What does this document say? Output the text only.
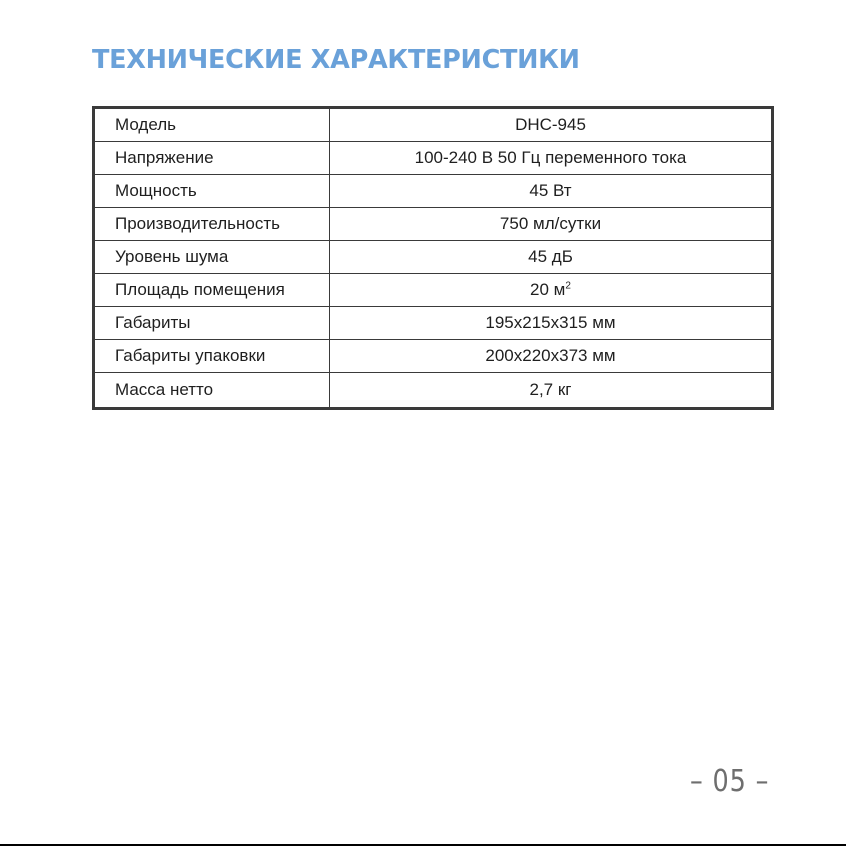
ТЕХНИЧЕСКИЕ ХАРАКТЕРИСТИКИ
Модель	DHC-945
Напряжение	100-240 В 50 Гц переменного тока
Мощность	45 Вт
Производительность	750 мл/сутки
Уровень шума	45 дБ
Площадь помещения	20 $м^2$
Габариты	195х215х315 мм
Габариты упаковки	200х220х373 мм
Масса нетто	2,7 кг
– 05 –
